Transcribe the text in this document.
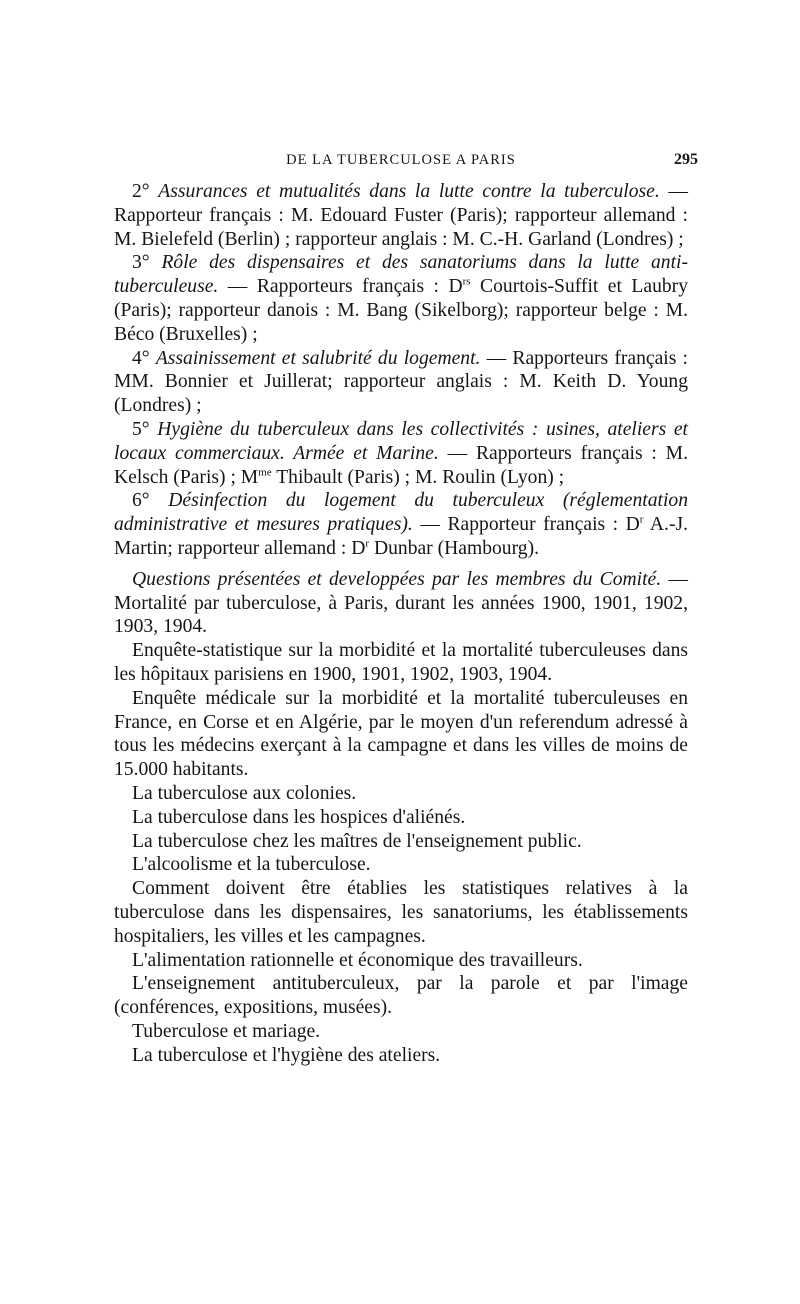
DE LA TUBERCULOSE A PARIS	295

2° Assurances et mutualités dans la lutte contre la tuberculose. — Rapporteur français : M. Edouard Fuster (Paris); rapporteur allemand : M. Bielefeld (Berlin) ; rapporteur anglais : M. C.-H. Garland (Londres) ;

3° Rôle des dispensaires et des sanatoriums dans la lutte anti-tuberculeuse. — Rapporteurs français : $D^{rs}$ Courtois-Suffit et Laubry (Paris); rapporteur danois : M. Bang (Sikelborg); rapporteur belge : M. Béco (Bruxelles) ;

4° Assainissement et salubrité du logement. — Rapporteurs français : MM. Bonnier et Juillerat; rapporteur anglais : M. Keith D. Young (Londres) ;

5° Hygiène du tuberculeux dans les collectivités : usines, ateliers et locaux commerciaux. Armée et Marine. — Rapporteurs français : M. Kelsch (Paris) ; $M^{me}$ Thibault (Paris) ; M. Roulin (Lyon) ;

6° Désinfection du logement du tuberculeux (réglementation administrative et mesures pratiques). — Rapporteur français : $D^r$ A.-J. Martin; rapporteur allemand : $D^r$ Dunbar (Hambourg).

Questions présentées et developpées par les membres du Comité. — Mortalité par tuberculose, à Paris, durant les années 1900, 1901, 1902, 1903, 1904.

Enquête-statistique sur la morbidité et la mortalité tuberculeuses dans les hôpitaux parisiens en 1900, 1901, 1902, 1903, 1904.

Enquête médicale sur la morbidité et la mortalité tuberculeuses en France, en Corse et en Algérie, par le moyen d'un referendum adressé à tous les médecins exerçant à la campagne et dans les villes de moins de 15.000 habitants.

La tuberculose aux colonies.

La tuberculose dans les hospices d'aliénés.

La tuberculose chez les maîtres de l'enseignement public.

L'alcoolisme et la tuberculose.

Comment doivent être établies les statistiques relatives à la tuberculose dans les dispensaires, les sanatoriums, les établissements hospitaliers, les villes et les campagnes.

L'alimentation rationnelle et économique des travailleurs.

L'enseignement antituberculeux, par la parole et par l'image (conférences, expositions, musées).

Tuberculose et mariage.

La tuberculose et l'hygiène des ateliers.
